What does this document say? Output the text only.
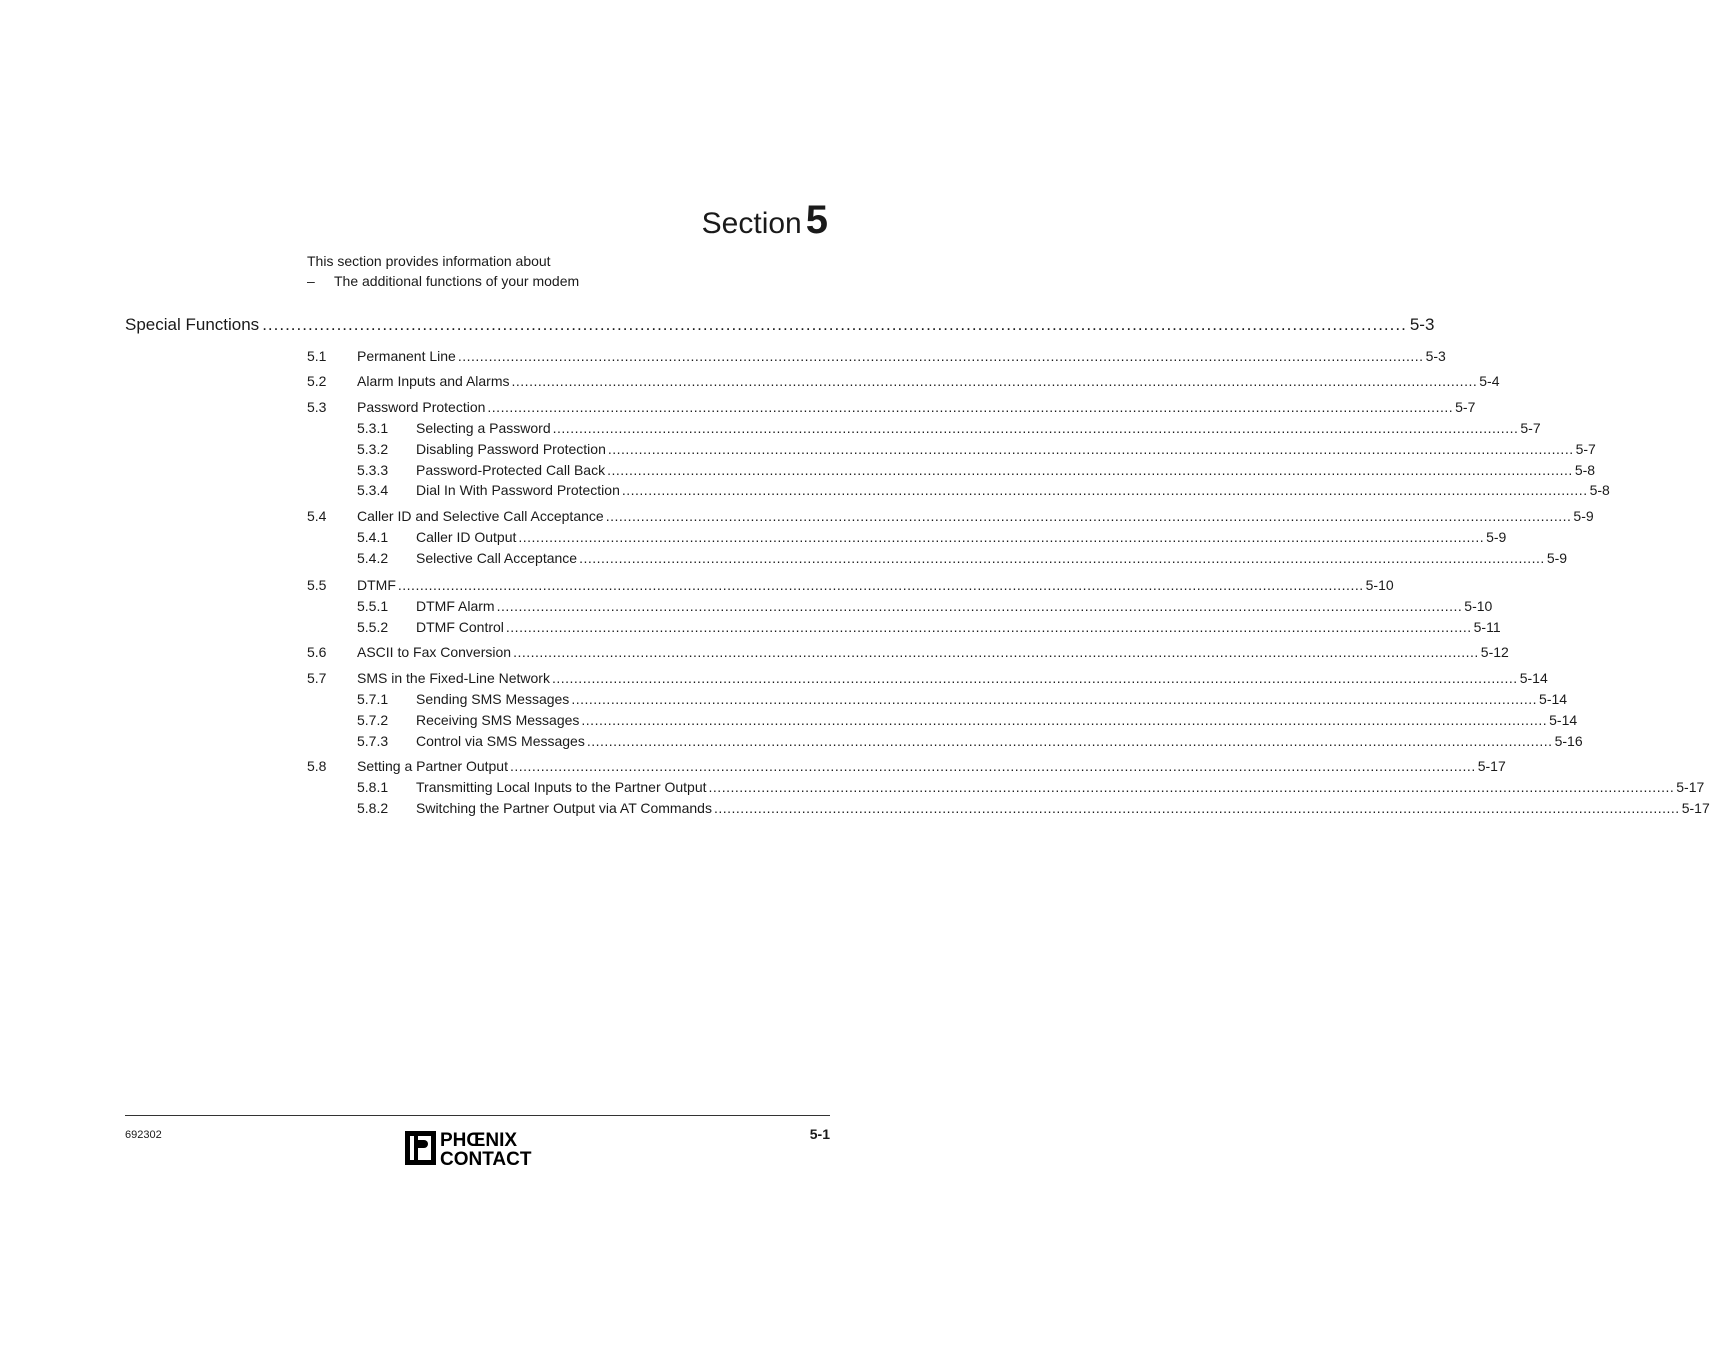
Section 5
This section provides information about
– The additional functions of your modem
Special Functions ........................................................................................................................................................................................................ 5-3
5.1 Permanent Line ............................................................................................................................................................................................................................ 5-3
5.2 Alarm Inputs and Alarms ............................................................................................................................................................................................................................ 5-4
5.3 Password Protection ............................................................................................................................................................................................................................ 5-7
5.3.1 Selecting a Password ............................................................................................................................................................................................................................ 5-7
5.3.2 Disabling Password Protection ............................................................................................................................................................................................................................ 5-7
5.3.3 Password-Protected Call Back ............................................................................................................................................................................................................................ 5-8
5.3.4 Dial In With Password Protection ............................................................................................................................................................................................................................ 5-8
5.4 Caller ID and Selective Call Acceptance ............................................................................................................................................................................................................................ 5-9
5.4.1 Caller ID Output ............................................................................................................................................................................................................................ 5-9
5.4.2 Selective Call Acceptance ............................................................................................................................................................................................................................ 5-9
5.5 DTMF ............................................................................................................................................................................................................................ 5-10
5.5.1 DTMF Alarm ............................................................................................................................................................................................................................ 5-10
5.5.2 DTMF Control ............................................................................................................................................................................................................................ 5-11
5.6 ASCII to Fax Conversion ............................................................................................................................................................................................................................ 5-12
5.7 SMS in the Fixed-Line Network ............................................................................................................................................................................................................................ 5-14
5.7.1 Sending SMS Messages ............................................................................................................................................................................................................................ 5-14
5.7.2 Receiving SMS Messages ............................................................................................................................................................................................................................ 5-14
5.7.3 Control via SMS Messages ............................................................................................................................................................................................................................ 5-16
5.8 Setting a Partner Output ............................................................................................................................................................................................................................ 5-17
5.8.1 Transmitting Local Inputs to the Partner Output ............................................................................................................................................................................................................................ 5-17
5.8.2 Switching the Partner Output via AT Commands ............................................................................................................................................................................................................................ 5-17
692302	PHŒNIX
CONTACT
5-1
